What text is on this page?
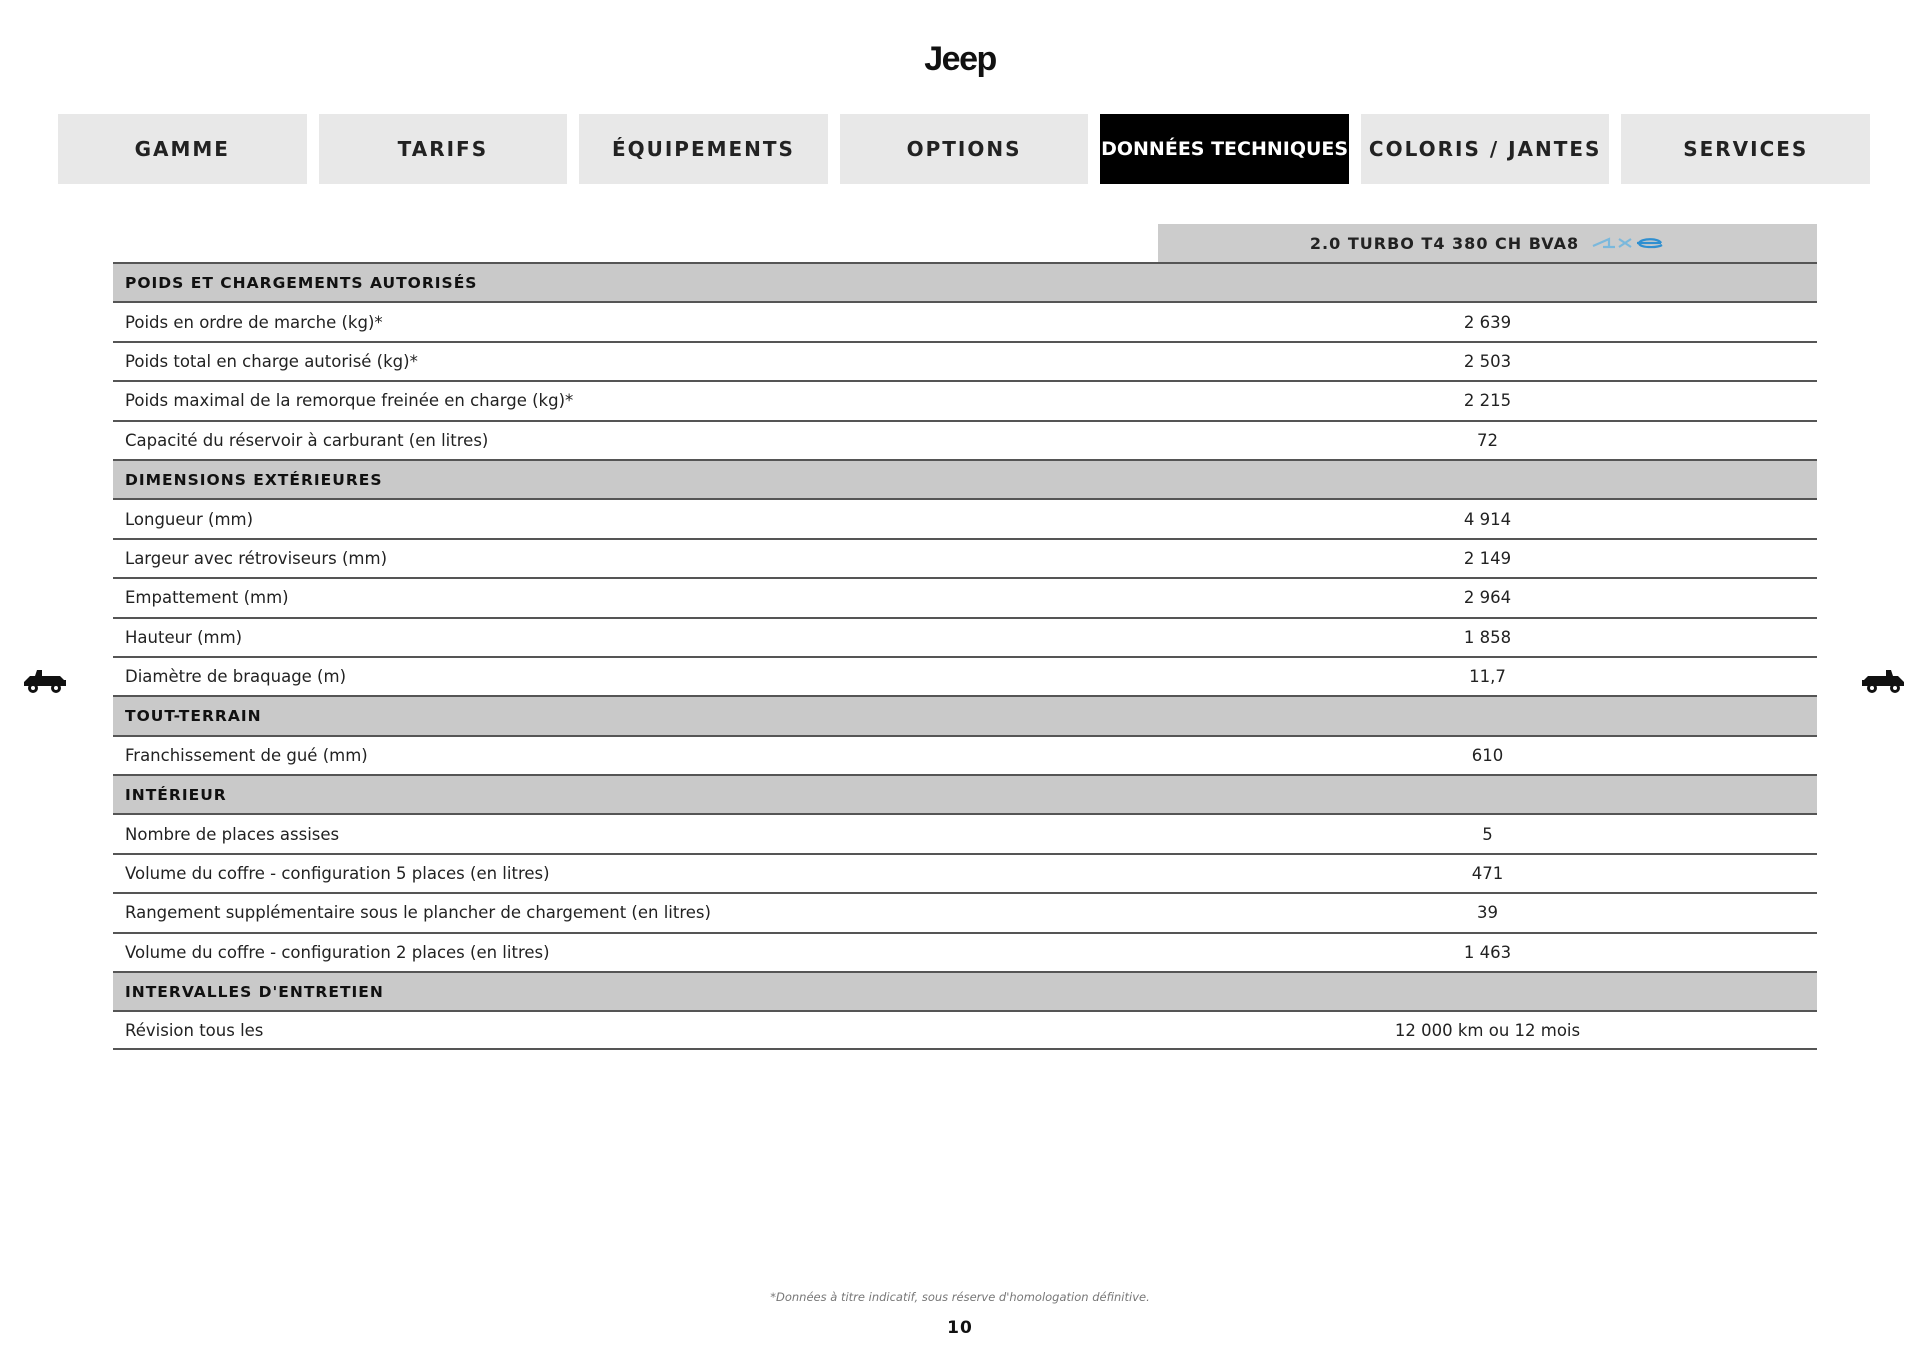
Jeep
GAMME	TARIFS	ÉQUIPEMENTS	OPTIONS	DONNÉES TECHNIQUES	COLORIS / JANTES	SERVICES
2.0 TURBO T4 380 CH BVA8
POIDS ET CHARGEMENTS AUTORISÉS
Poids en ordre de marche (kg)*	2 639
Poids total en charge autorisé (kg)*	2 503
Poids maximal de la remorque freinée en charge (kg)*	2 215
Capacité du réservoir à carburant (en litres)	72
DIMENSIONS EXTÉRIEURES
Longueur (mm)	4 914
Largeur avec rétroviseurs (mm)	2 149
Empattement (mm)	2 964
Hauteur (mm)	1 858
Diamètre de braquage (m)	11,7
TOUT-TERRAIN
Franchissement de gué (mm)	610
INTÉRIEUR
Nombre de places assises	5
Volume du coffre - configuration 5 places (en litres)	471
Rangement supplémentaire sous le plancher de chargement (en litres)	39
Volume du coffre - configuration 2 places (en litres)	1 463
INTERVALLES D'ENTRETIEN
Révision tous les	12 000 km ou 12 mois
*Données à titre indicatif, sous réserve d'homologation définitive.
10
